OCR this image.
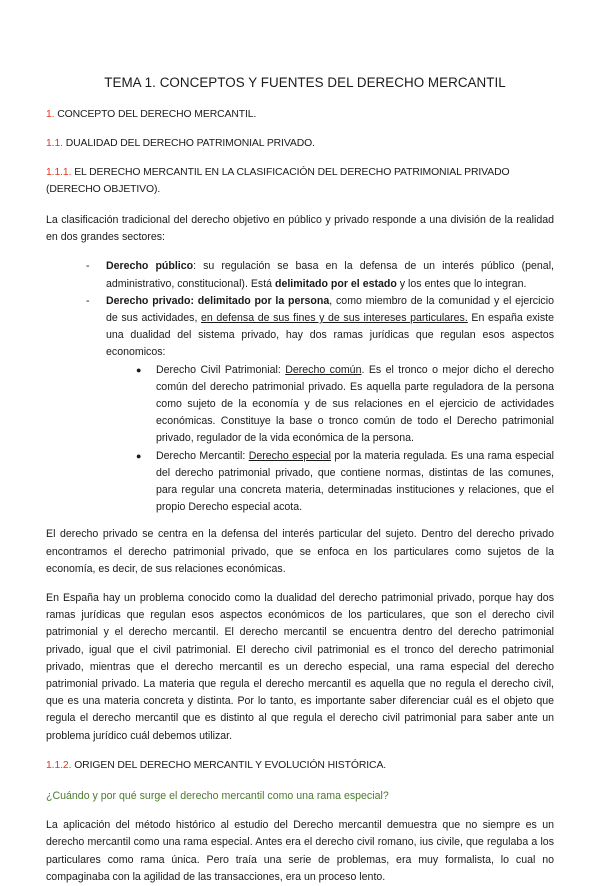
TEMA 1. CONCEPTOS Y FUENTES DEL DERECHO MERCANTIL
1. CONCEPTO DEL DERECHO MERCANTIL.
1.1. DUALIDAD DEL DERECHO PATRIMONIAL PRIVADO.
1.1.1. EL DERECHO MERCANTIL EN LA CLASIFICACIÓN DEL DERECHO PATRIMONIAL PRIVADO (DERECHO OBJETIVO).

La clasificación tradicional del derecho objetivo en público y privado responde a una división de la realidad en dos grandes sectores:

- Derecho público: su regulación se basa en la defensa de un interés público (penal, administrativo, constitucional). Está delimitado por el estado y los entes que lo integran.
- Derecho privado: delimitado por la persona, como miembro de la comunidad y el ejercicio de sus actividades, en defensa de sus fines y de sus intereses particulares. En españa existe una dualidad del sistema privado, hay dos ramas jurídicas que regulan esos aspectos economicos:
● Derecho Civil Patrimonial: Derecho común. Es el tronco o mejor dicho el derecho común del derecho patrimonial privado. Es aquella parte reguladora de la persona como sujeto de la economía y de sus relaciones en el ejercicio de actividades económicas. Constituye la base o tronco común de todo el Derecho patrimonial privado, regulador de la vida económica de la persona.
● Derecho Mercantil: Derecho especial por la materia regulada. Es una rama especial del derecho patrimonial privado, que contiene normas, distintas de las comunes, para regular una concreta materia, determinadas instituciones y relaciones, que el propio Derecho especial acota.

El derecho privado se centra en la defensa del interés particular del sujeto. Dentro del derecho privado encontramos el derecho patrimonial privado, que se enfoca en los particulares como sujetos de la economía, es decir, de sus relaciones económicas.

En España hay un problema conocido como la dualidad del derecho patrimonial privado, porque hay dos ramas jurídicas que regulan esos aspectos económicos de los particulares, que son el derecho civil patrimonial y el derecho mercantil. El derecho mercantil se encuentra dentro del derecho patrimonial privado, igual que el civil patrimonial. El derecho civil patrimonial es el tronco del derecho patrimonial privado, mientras que el derecho mercantil es un derecho especial, una rama especial del derecho patrimonial privado. La materia que regula el derecho mercantil es aquella que no regula el derecho civil, que es una materia concreta y distinta. Por lo tanto, es importante saber diferenciar cuál es el objeto que regula el derecho mercantil que es distinto al que regula el derecho civil patrimonial para saber ante un problema jurídico cuál debemos utilizar.

1.1.2. ORIGEN DEL DERECHO MERCANTIL Y EVOLUCIÓN HISTÓRICA.
¿Cuándo y por qué surge el derecho mercantil como una rama especial?

La aplicación del método histórico al estudio del Derecho mercantil demuestra que no siempre es un derecho mercantil como una rama especial. Antes era el derecho civil romano, ius civile, que regulaba a los particulares como rama única. Pero traía una serie de problemas, era muy formalista, lo cual no compaginaba con la agilidad de las transacciones, era un proceso lento.
